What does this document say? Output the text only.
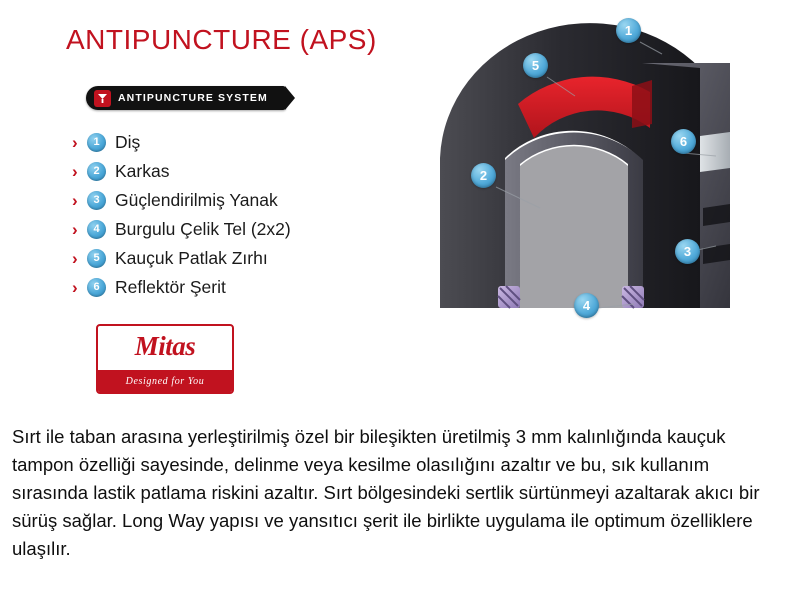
ANTIPUNCTURE (APS)
ANTIPUNCTURE SYSTEM
›	1 Diş
›	2 Karkas
›	3 Güçlendirilmiş Yanak
›	4 Burgulu Çelik Tel (2x2)
›	5 Kauçuk Patlak Zırhı
›	6 Reflektör Şerit
Mitas
Designed for You
1
5
2
6
3
4

Sırt ile taban arasına yerleştirilmiş özel bir bileşikten üretilmiş 3 mm kalınlığında kauçuk tampon özelliği sayesinde, delinme veya kesilme olasılığını azaltır ve bu, sık kullanım sırasında lastik patlama riskini azaltır. Sırt bölgesindeki sertlik sürtünmeyi azaltarak akıcı bir sürüş sağlar. Long Way yapısı ve yansıtıcı şerit ile birlikte uygulama ile optimum özelliklere ulaşılır.
